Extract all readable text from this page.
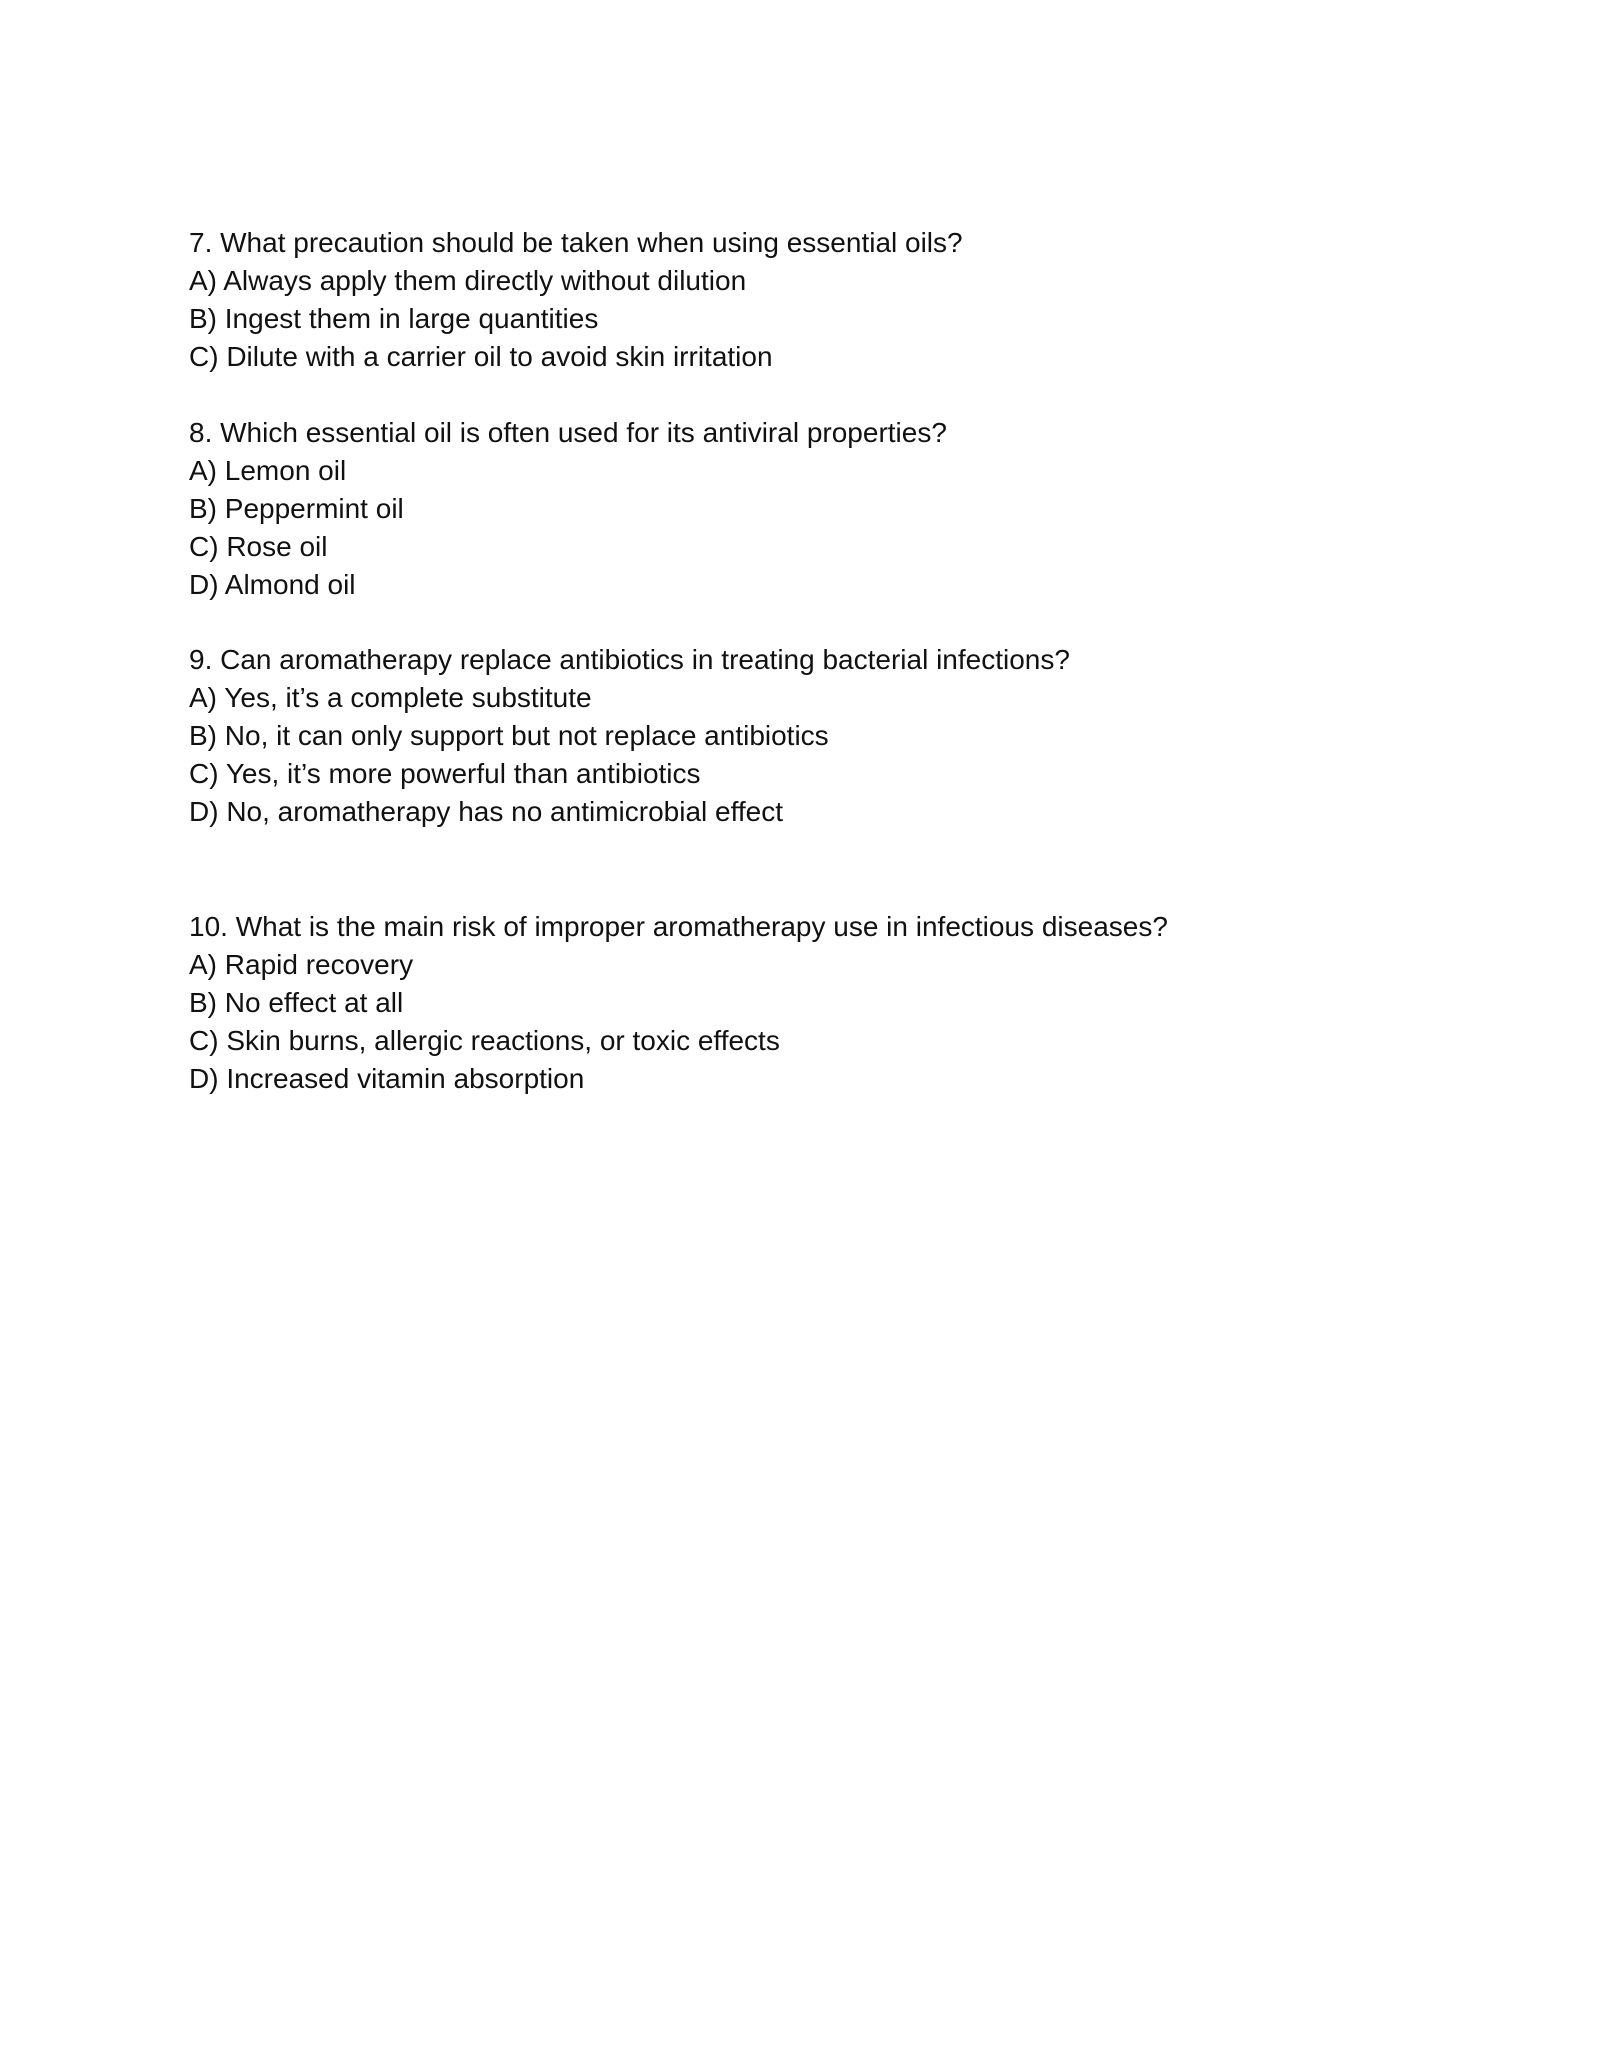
7. What precaution should be taken when using essential oils?

A) Always apply them directly without dilution

B) Ingest them in large quantities

C) Dilute with a carrier oil to avoid skin irritation

8. Which essential oil is often used for its antiviral properties?

A) Lemon oil

B) Peppermint oil

C) Rose oil

D) Almond oil

9. Can aromatherapy replace antibiotics in treating bacterial infections?

A) Yes, it’s a complete substitute

B) No, it can only support but not replace antibiotics

C) Yes, it’s more powerful than antibiotics

D) No, aromatherapy has no antimicrobial effect

10. What is the main risk of improper aromatherapy use in infectious diseases?

A) Rapid recovery

B) No effect at all

C) Skin burns, allergic reactions, or toxic effects

D) Increased vitamin absorption
